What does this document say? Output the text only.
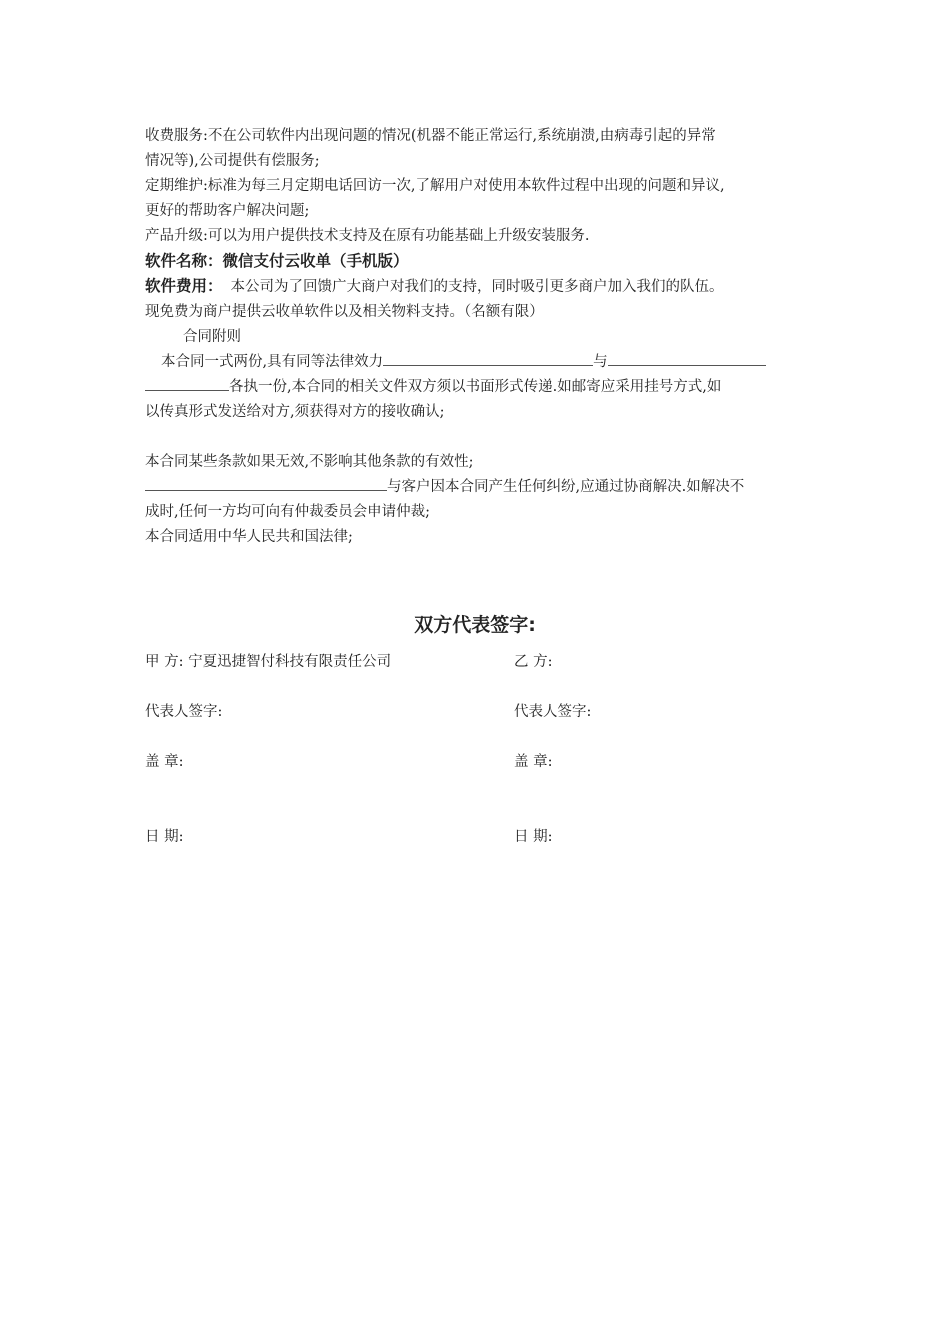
收费服务:不在公司软件内出现问题的情况(机器不能正常运行,系统崩溃,由病毒引起的异常
情况等),公司提供有偿服务;
定期维护:标准为每三月定期电话回访一次,了解用户对使用本软件过程中出现的问题和异议,
更好的帮助客户解决问题;
产品升级:可以为用户提供技术支持及在原有功能基础上升级安装服务.
软件名称：微信支付云收单（手机版）
软件费用： 本公司为了回馈广大商户对我们的支持，同时吸引更多商户加入我们的队伍。
现免费为商户提供云收单软件以及相关物料支持。（名额有限）
合同附则
本合同一式两份,具有同等法律效力	与
各执一份,本合同的相关文件双方须以书面形式传递.如邮寄应采用挂号方式,如
以传真形式发送给对方,须获得对方的接收确认;
本合同某些条款如果无效,不影响其他条款的有效性;
与客户因本合同产生任何纠纷,应通过协商解决.如解决不
成时,任何一方均可向有仲裁委员会申请仲裁;
本合同适用中华人民共和国法律;
双方代表签字:
甲 方: 宁夏迅捷智付科技有限责任公司	乙 方:
代表人签字:	代表人签字:
盖 章:	盖 章:
日 期:	日 期:
